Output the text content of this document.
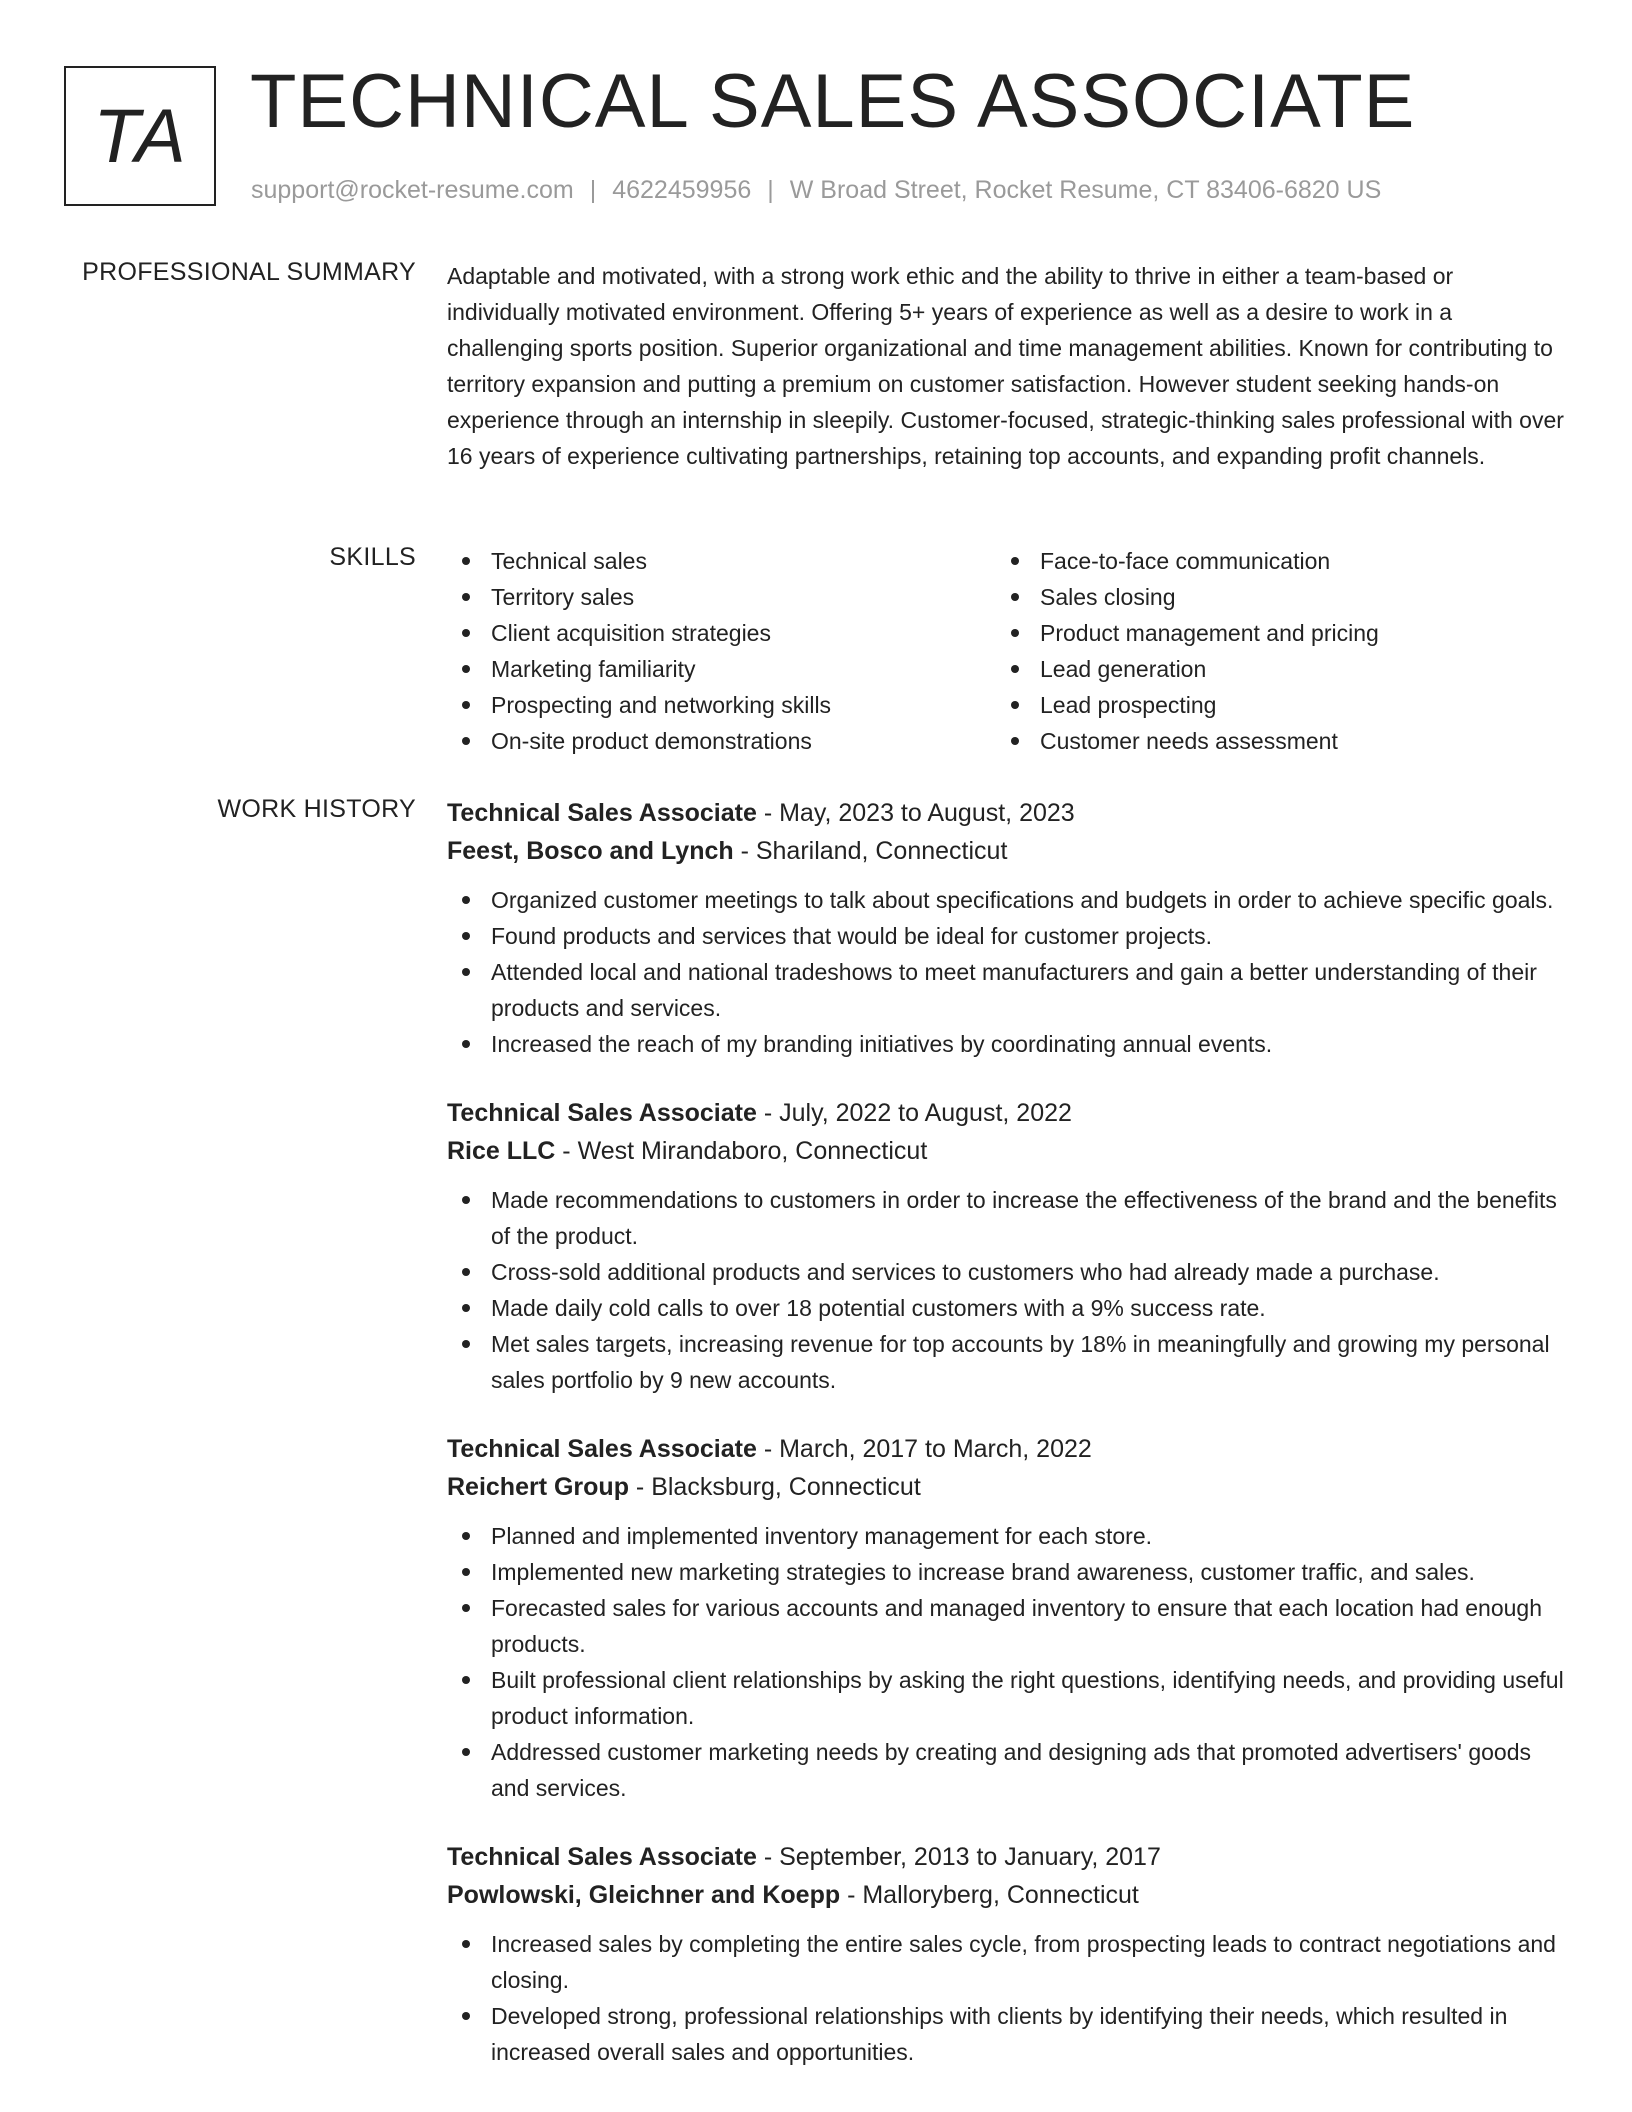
TA TECHNICAL SALES ASSOCIATE
support@rocket-resume.com | 4622459956 | W Broad Street, Rocket Resume, CT 83406-6820 US
PROFESSIONAL SUMMARY Adaptable and motivated, with a strong work ethic and the ability to thrive in either a team-based or individually motivated environment. Offering 5+ years of experience as well as a desire to work in a challenging sports position. Superior organizational and time management abilities. Known for contributing to territory expansion and putting a premium on customer satisfaction. However student seeking hands-on experience through an internship in sleepily. Customer-focused, strategic-thinking sales professional with over 16 years of experience cultivating partnerships, retaining top accounts, and expanding profit channels.

SKILLS	Technical sales
Territory sales
Client acquisition strategies
Marketing familiarity
Prospecting and networking skills
On-site product demonstrations
Face-to-face communication
Sales closing
Product management and pricing
Lead generation
Lead prospecting
Customer needs assessment
WORK HISTORY Technical Sales Associate - May, 2023 to August, 2023
Feest, Bosco and Lynch - Shariland, Connecticut
Organized customer meetings to talk about specifications and budgets in order to achieve specific goals.
Found products and services that would be ideal for customer projects.
Attended local and national tradeshows to meet manufacturers and gain a better understanding of their products and services.
Increased the reach of my branding initiatives by coordinating annual events.
Technical Sales Associate - July, 2022 to August, 2022
Rice LLC - West Mirandaboro, Connecticut
Made recommendations to customers in order to increase the effectiveness of the brand and the benefits of the product.
Cross-sold additional products and services to customers who had already made a purchase.
Made daily cold calls to over 18 potential customers with a 9% success rate.
Met sales targets, increasing revenue for top accounts by 18% in meaningfully and growing my personal sales portfolio by 9 new accounts.
Technical Sales Associate - March, 2017 to March, 2022
Reichert Group - Blacksburg, Connecticut
Planned and implemented inventory management for each store.
Implemented new marketing strategies to increase brand awareness, customer traffic, and sales.
Forecasted sales for various accounts and managed inventory to ensure that each location had enough products.
Built professional client relationships by asking the right questions, identifying needs, and providing useful product information.
Addressed customer marketing needs by creating and designing ads that promoted advertisers' goods and services.
Technical Sales Associate - September, 2013 to January, 2017
Powlowski, Gleichner and Koepp - Malloryberg, Connecticut
Increased sales by completing the entire sales cycle, from prospecting leads to contract negotiations and closing.
Developed strong, professional relationships with clients by identifying their needs, which resulted in increased overall sales and opportunities.
